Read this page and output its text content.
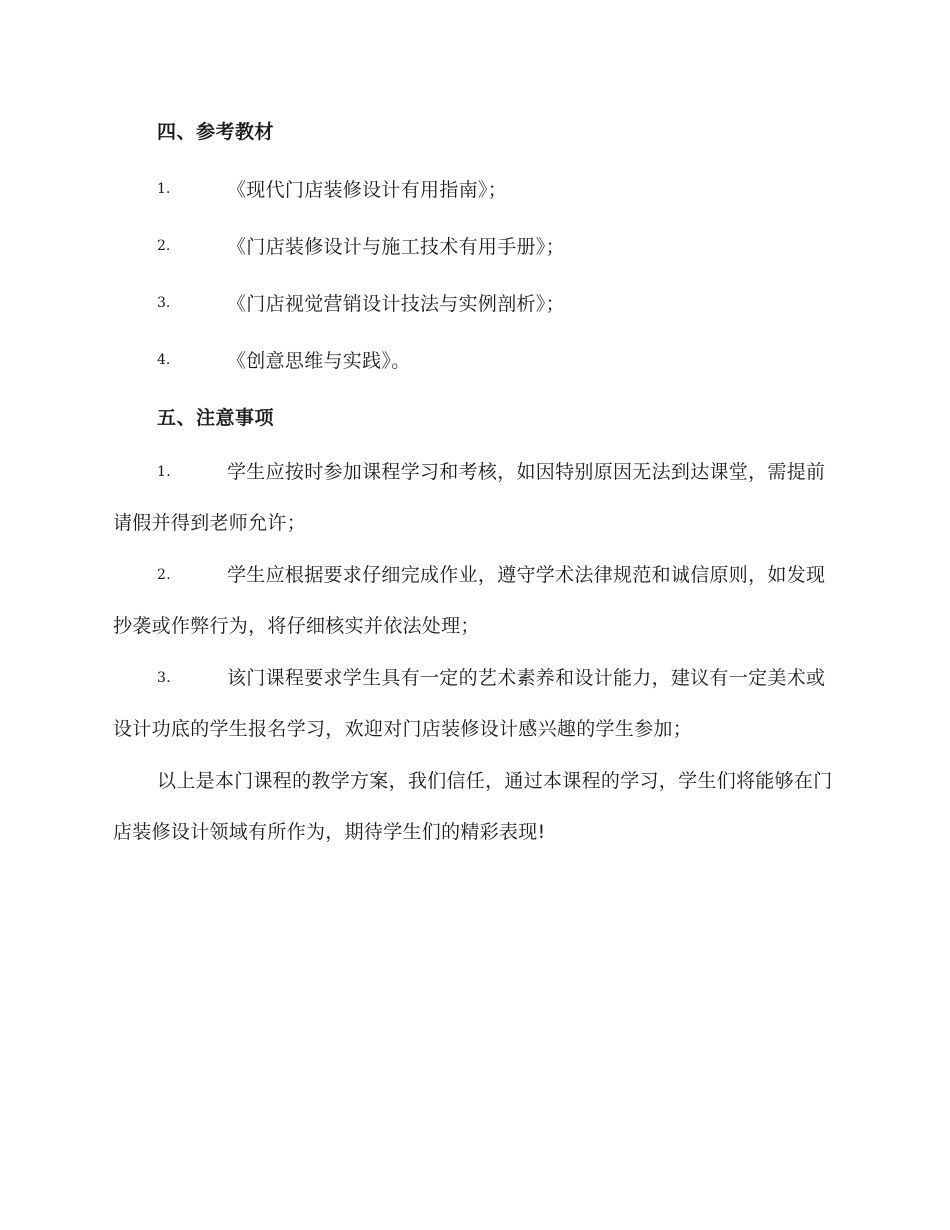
四、参考教材
1.	《现代门店装修设计有用指南》；
2.	《门店装修设计与施工技术有用手册》；
3.	《门店视觉营销设计技法与实例剖析》；
4.	《创意思维与实践》。
五、注意事项
1.	学生应按时参加课程学习和考核，如因特别原因无法到达课堂，需提前请假并得到老师允许；
2.	学生应根据要求仔细完成作业，遵守学术法律规范和诚信原则，如发现抄袭或作弊行为，将仔细核实并依法处理；
3.	该门课程要求学生具有一定的艺术素养和设计能力，建议有一定美术或设计功底的学生报名学习，欢迎对门店装修设计感兴趣的学生参加；
以上是本门课程的教学方案，我们信任，通过本课程的学习，学生们将能够在门店装修设计领域有所作为，期待学生们的精彩表现!
